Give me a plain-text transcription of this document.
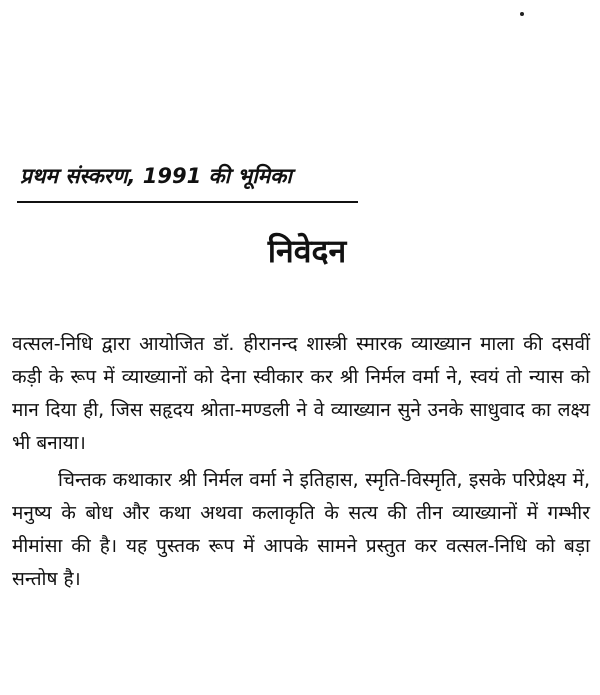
प्रथम संस्करण, 1991 की भूमिका
निवेदन

वत्सल-निधि द्वारा आयोजित डॉ. हीरानन्द शास्त्री स्मारक व्याख्यान माला की दसवीं कड़ी के रूप में व्याख्यानों को देना स्वीकार कर श्री निर्मल वर्मा ने, स्वयं तो न्यास को मान दिया ही, जिस सहृदय श्रोता-मण्डली ने वे व्याख्यान सुने उनके साधुवाद का लक्ष्य भी बनाया।

चिन्तक कथाकार श्री निर्मल वर्मा ने इतिहास, स्मृति-विस्मृति, इसके परिप्रेक्ष्य में, मनुष्य के बोध और कथा अथवा कलाकृति के सत्य की तीन व्याख्यानों में गम्भीर मीमांसा की है। यह पुस्तक रूप में आपके सामने प्रस्तुत कर वत्सल-निधि को बड़ा सन्तोष है।
